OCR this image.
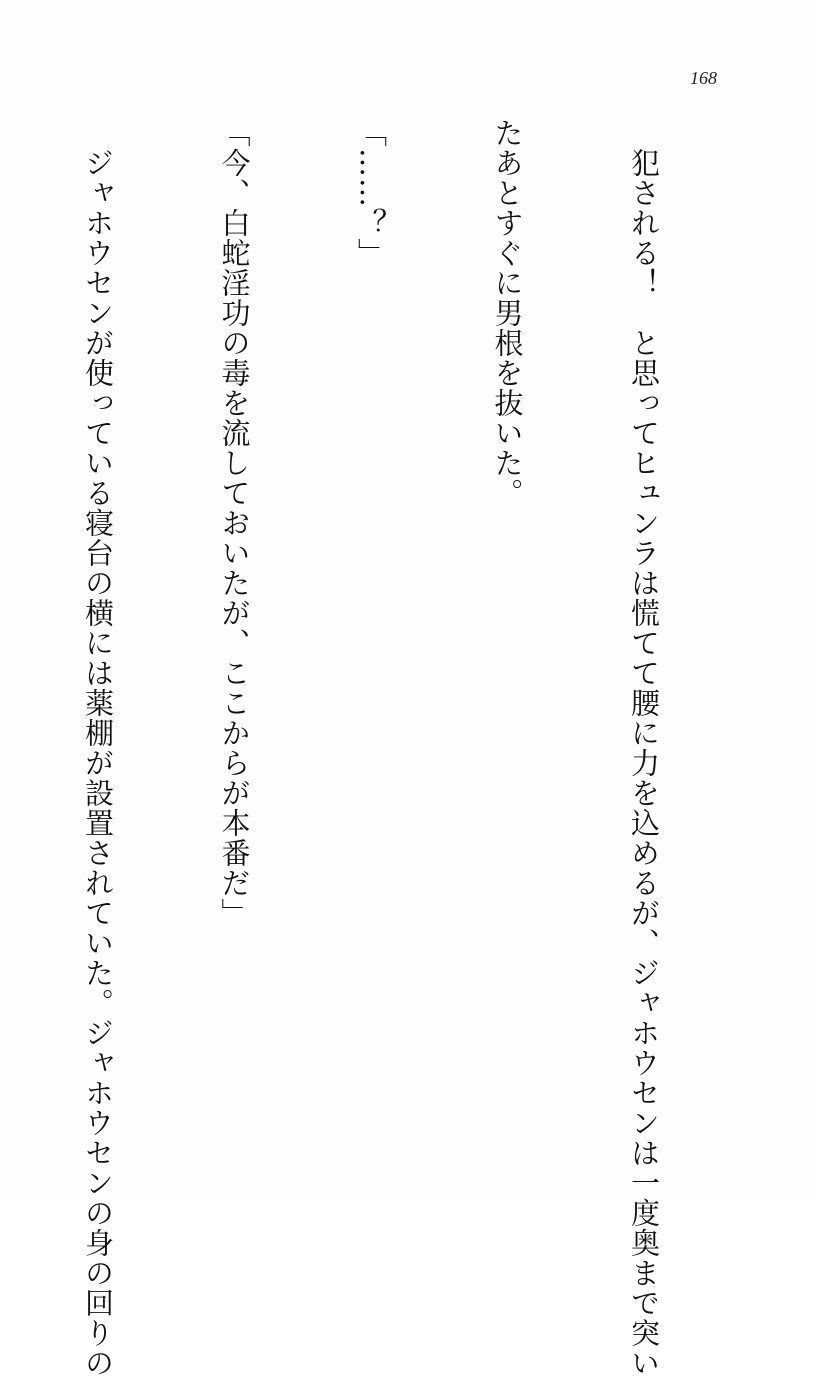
168

　犯される！　と思ってヒュンラは慌てて腰に力を込めるが、ジャホウセンは一度奥まで突い

たあとすぐに男根を抜いた。

「……？」

「今、白蛇淫功の毒を流しておいたが、ここからが本番だ」

　ジャホウセンが使っている寝台の横には薬棚が設置されていた。ジャホウセンの身の回りの
